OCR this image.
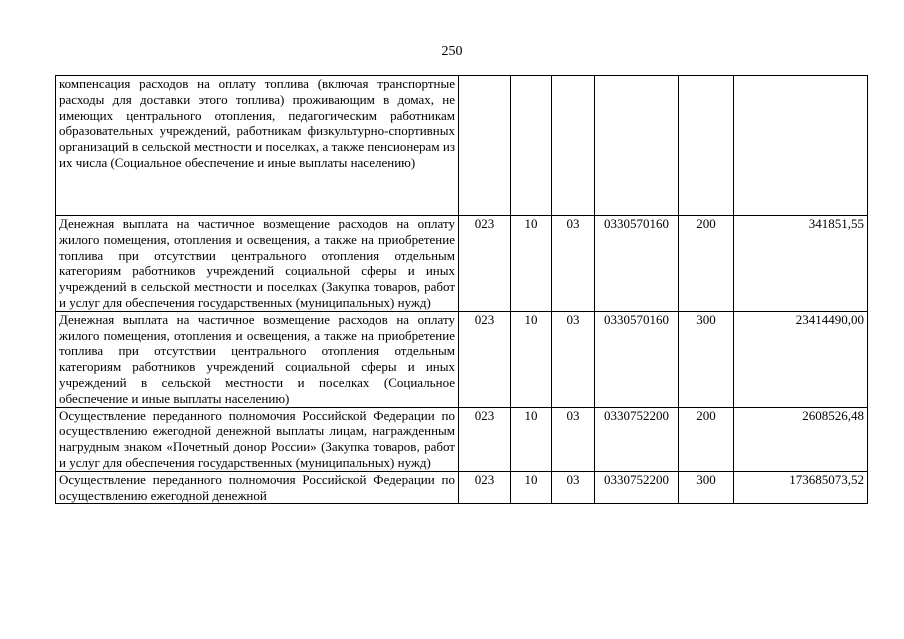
250
компенсация расходов на оплату топлива (включая транспортные расходы для доставки этого топлива) проживающим в домах, не имеющих центрального отопления, педагогическим работникам образовательных учреждений, работникам физкультурно-спортивных организаций в сельской местности и поселках, а также пенсионерам из их числа (Социальное обеспечение и иные выплаты населению)						
Денежная выплата на частичное возмещение расходов на оплату жилого помещения, отопления и освещения, а также на приобретение топлива при отсутствии центрального отопления отдельным категориям работников учреждений социальной сферы и иных учреждений в сельской местности и поселках (Закупка товаров, работ и услуг для обеспечения государственных (муниципальных) нужд)	023	10	03	0330570160	200	341851,55
Денежная выплата на частичное возмещение расходов на оплату жилого помещения, отопления и освещения, а также на приобретение топлива при отсутствии центрального отопления отдельным категориям работников учреждений социальной сферы и иных учреждений в сельской местности и поселках (Социальное обеспечение и иные выплаты населению)	023	10	03	0330570160	300	23414490,00
Осуществление переданного полномочия Российской Федерации по осуществлению ежегодной денежной выплаты лицам, награжденным нагрудным знаком «Почетный донор России» (Закупка товаров, работ и услуг для обеспечения государственных (муниципальных) нужд)	023	10	03	0330752200	200	2608526,48
Осуществление переданного полномочия Российской Федерации по осуществлению ежегодной денежной	023	10	03	0330752200	300	173685073,52
